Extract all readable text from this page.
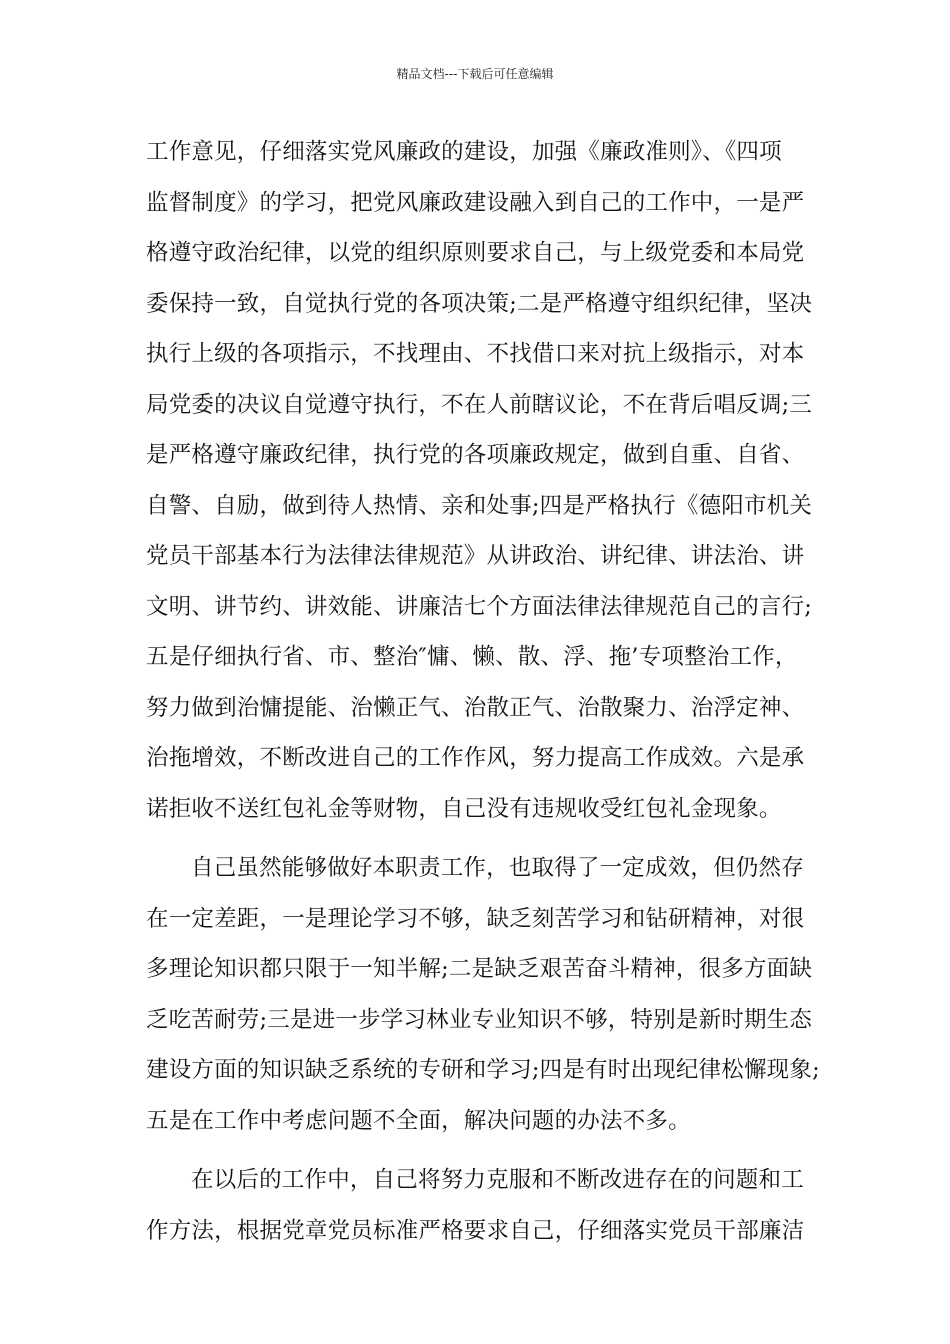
精品文档---下载后可任意编辑
工作意见，仔细落实党风廉政的建设，加强《廉政准则》、《四项
监督制度》的学习，把党风廉政建设融入到自己的工作中，一是严
格遵守政治纪律，以党的组织原则要求自己，与上级党委和本局党
委保持一致，自觉执行党的各项决策;二是严格遵守组织纪律，坚决
执行上级的各项指示，不找理由、不找借口来对抗上级指示，对本
局党委的决议自觉遵守执行，不在人前瞎议论，不在背后唱反调;三
是严格遵守廉政纪律，执行党的各项廉政规定，做到自重、自省、
自警、自励，做到待人热情、亲和处事;四是严格执行《德阳市机关
党员干部基本行为法律法律规范》从讲政治、讲纪律、讲法治、讲
文明、讲节约、讲效能、讲廉洁七个方面法律法律规范自己的言行;
五是仔细执行省、市、整治″慵、懒、散、浮、拖’专项整治工作，
努力做到治慵提能、治懒正气、治散正气、治散聚力、治浮定神、
治拖增效，不断改进自己的工作作风，努力提高工作成效。六是承
诺拒收不送红包礼金等财物，自己没有违规收受红包礼金现象。
自己虽然能够做好本职责工作，也取得了一定成效，但仍然存
在一定差距，一是理论学习不够，缺乏刻苦学习和钻研精神，对很
多理论知识都只限于一知半解;二是缺乏艰苦奋斗精神，很多方面缺
乏吃苦耐劳;三是进一步学习林业专业知识不够，特别是新时期生态
建设方面的知识缺乏系统的专研和学习;四是有时出现纪律松懈现象;
五是在工作中考虑问题不全面，解决问题的办法不多。
在以后的工作中，自己将努力克服和不断改进存在的问题和工
作方法，根据党章党员标准严格要求自己，仔细落实党员干部廉洁
